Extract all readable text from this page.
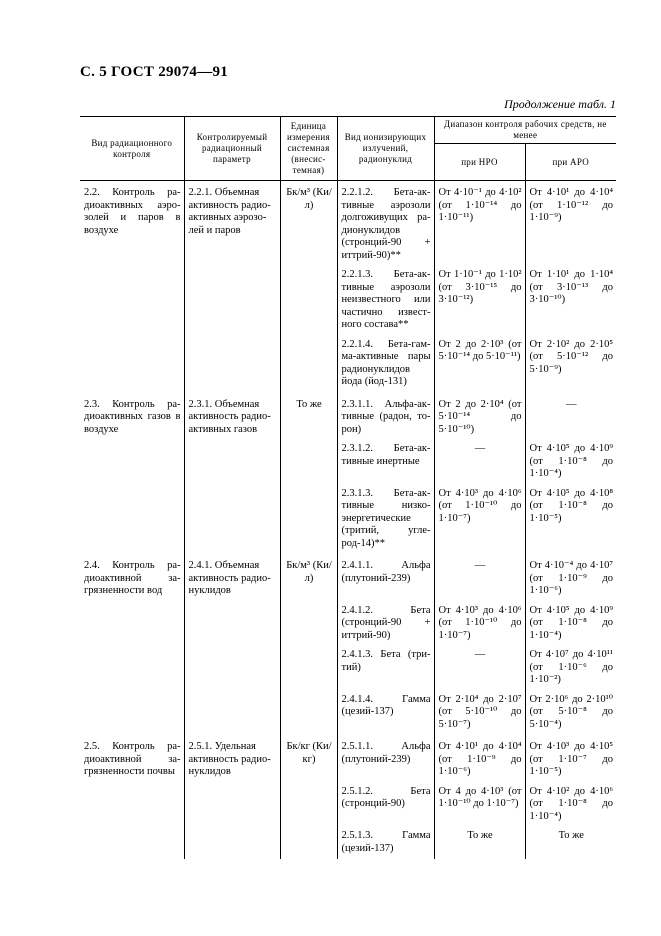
С. 5 ГОСТ 29074—91
Продолжение табл. 1
Вид радиационного контроля	Контролируемый радиационный параметр	Единица измерения системная (внесис-темная)	Вид ионизирующих излучений, радионуклид	Диапазон контроля рабочих средств, не менее	
				при НРО	при АРО
2.2. Контроль ра-диоактивных аэро-золей и паров в воздухе	2.2.1. Объемная активность радио-активных аэрозо-лей и паров	Бк/м³ (Ки/л)	2.2.1.2. Бета-ак-тивные аэрозоли долгоживущих ра-дионуклидов (стронций-90 + иттрий-90)**	От 4·10⁻¹ до 4·10² (от 1·10⁻¹⁴ до 1·10⁻¹¹)	От 4·10¹ до 4·10⁴ (от 1·10⁻¹² до 1·10⁻⁹)
			2.2.1.3. Бета-ак-тивные аэрозоли неизвестного или частично извест-ного состава**	От 1·10⁻¹ до 1·10² (от 3·10⁻¹⁵ до 3·10⁻¹²)	От 1·10¹ до 1·10⁴ (от 3·10⁻¹³ до 3·10⁻¹⁰)
			2.2.1.4. Бета-гам-ма-активные пары радионуклидов йода (йод-131)	От 2 до 2·10³ (от 5·10⁻¹⁴ до 5·10⁻¹¹)	От 2·10² до 2·10⁵ (от 5·10⁻¹² до 5·10⁻⁹)
2.3. Контроль ра-диоактивных газов в воздухе	2.3.1. Объемная активность радио-активных газов	То же	2.3.1.1. Альфа-ак-тивные (радон, то-рон)	От 2 до 2·10⁴ (от 5·10⁻¹⁴ до 5·10⁻¹⁰)	—
			2.3.1.2. Бета-ак-тивные инертные	—	От 4·10⁵ до 4·10⁹ (от 1·10⁻⁸ до 1·10⁻⁴)
			2.3.1.3. Бета-ак-тивные низко-энергетические (тритий, угле-род-14)**	От 4·10³ до 4·10⁶ (от 1·10⁻¹⁰ до 1·10⁻⁷)	От 4·10⁵ до 4·10⁸ (от 1·10⁻⁸ до 1·10⁻⁵)
2.4. Контроль ра-диоактивной за-грязненности вод	2.4.1. Объемная активность радио-нуклидов	Бк/м³ (Ки/л)	2.4.1.1. Альфа (плутоний-239)	—	От 4·10⁻⁴ до 4·10⁷ (от 1·10⁻⁹ до 1·10⁻⁶)
			2.4.1.2. Бета (стронций-90 + иттрий-90)	От 4·10³ до 4·10⁶ (от 1·10⁻¹⁰ до 1·10⁻⁷)	От 4·10⁵ до 4·10⁹ (от 1·10⁻⁸ до 1·10⁻⁴)
			2.4.1.3. Бета (три-тий)	—	От 4·10⁷ до 4·10¹¹ (от 1·10⁻⁶ до 1·10⁻²)
			2.4.1.4. Гамма (цезий-137)	От 2·10⁴ до 2·10⁷ (от 5·10⁻¹⁰ до 5·10⁻⁷)	От 2·10⁶ до 2·10¹⁰ (от 5·10⁻⁸ до 5·10⁻⁴)
2.5. Контроль ра-диоактивной за-грязненности почвы	2.5.1. Удельная активность радио-нуклидов	Бк/кг (Ки/кг)	2.5.1.1. Альфа (плутоний-239)	От 4·10¹ до 4·10⁴ (от 1·10⁻⁹ до 1·10⁻⁶)	От 4·10³ до 4·10⁵ (от 1·10⁻⁷ до 1·10⁻⁵)
			2.5.1.2. Бета (стронций-90)	От 4 до 4·10³ (от 1·10⁻¹⁰ до 1·10⁻⁷)	От 4·10² до 4·10⁶ (от 1·10⁻⁸ до 1·10⁻⁴)
			2.5.1.3. Гамма (цезий-137)	То же	То же
